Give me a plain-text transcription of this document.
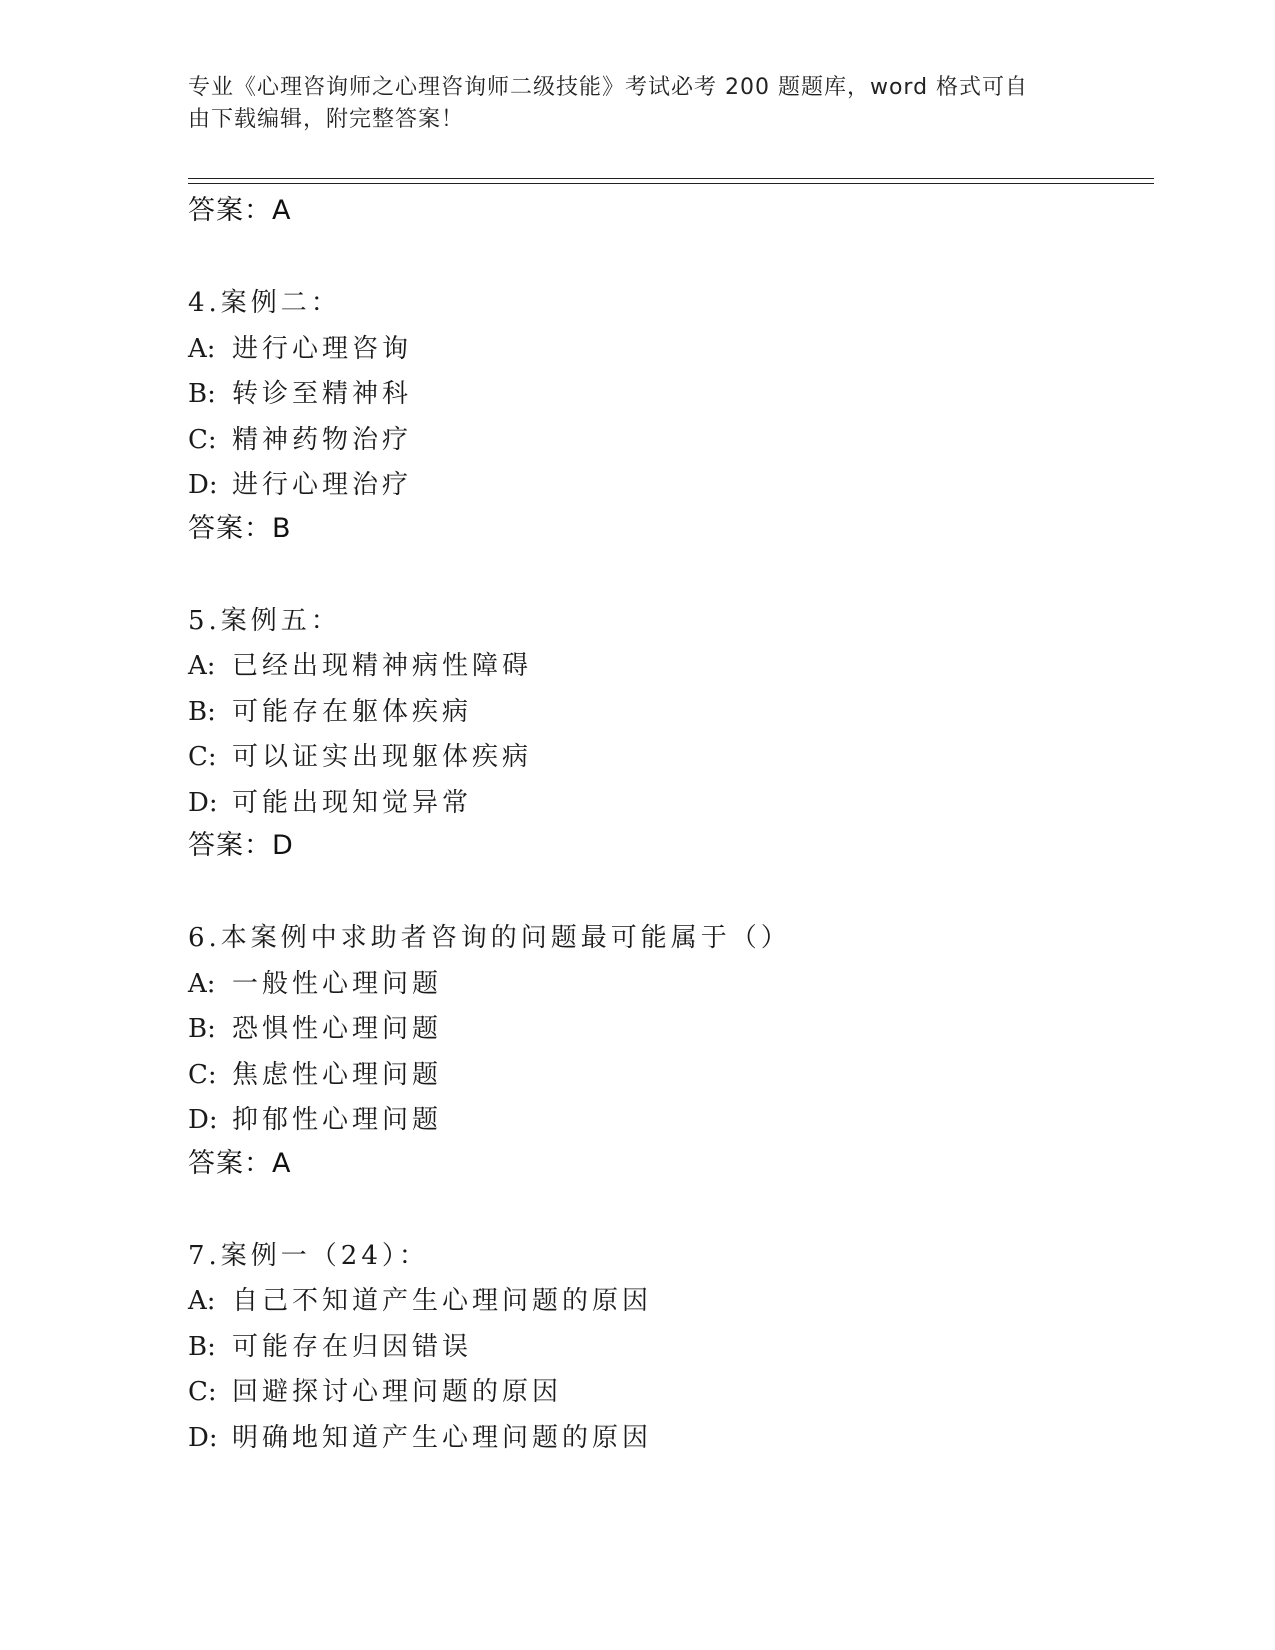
专业《心理咨询师之心理咨询师二级技能》考试必考 200 题题库，word 格式可自
由下载编辑，附完整答案！
答案：A
4.案例二：
A: 进行心理咨询
B: 转诊至精神科
C: 精神药物治疗
D: 进行心理治疗
答案：B
5.案例五：
A: 已经出现精神病性障碍
B: 可能存在躯体疾病
C: 可以证实出现躯体疾病
D: 可能出现知觉异常
答案：D
6.本案例中求助者咨询的问题最可能属于（）
A: 一般性心理问题
B: 恐惧性心理问题
C: 焦虑性心理问题
D: 抑郁性心理问题
答案：A
7.案例一（24）：
A: 自己不知道产生心理问题的原因
B: 可能存在归因错误
C: 回避探讨心理问题的原因
D: 明确地知道产生心理问题的原因
